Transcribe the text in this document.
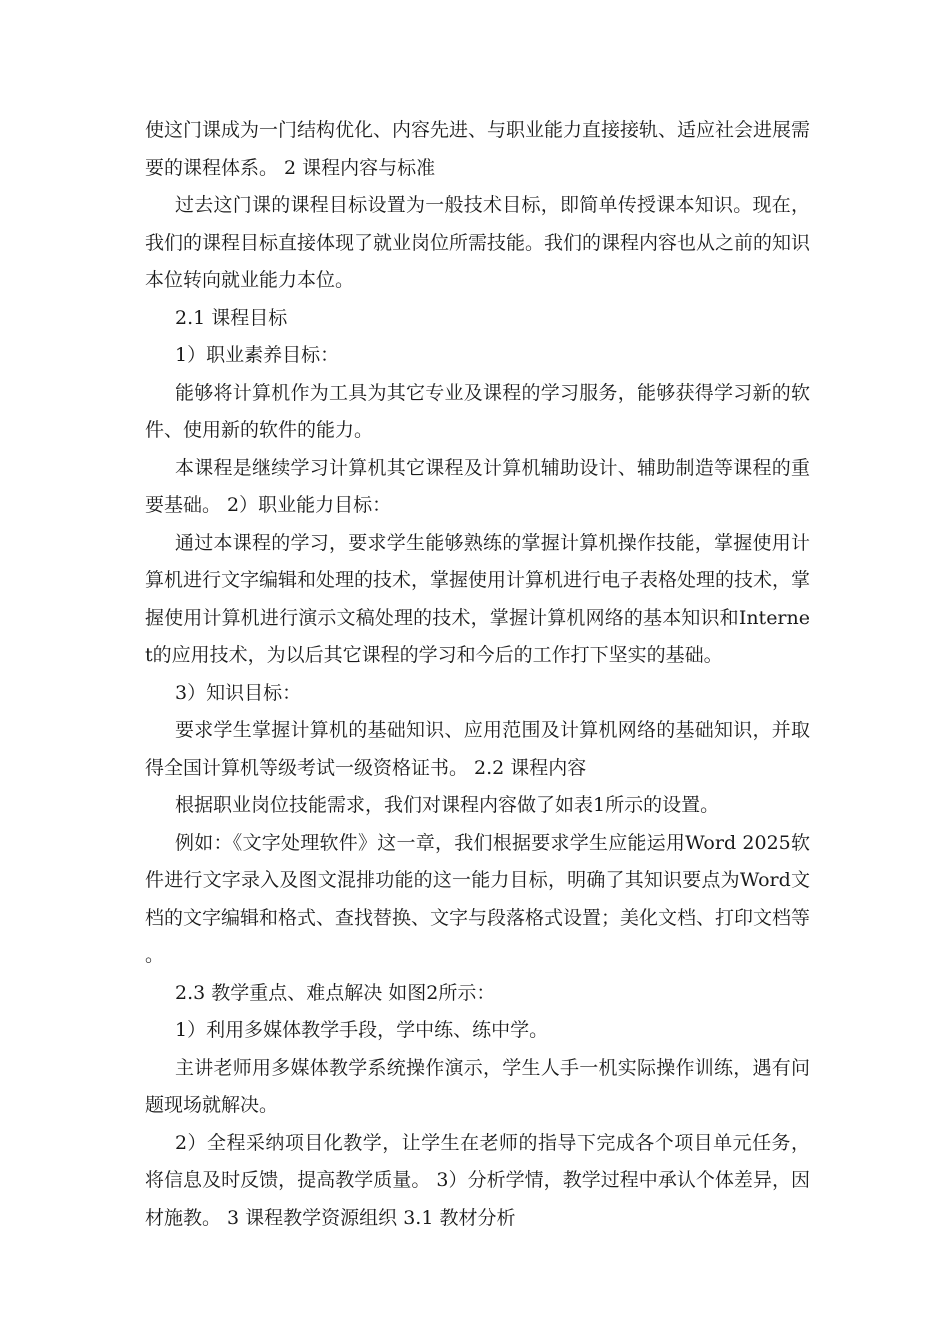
使这门课成为一门结构优化、内容先进、与职业能力直接接轨、适应社会进展需要的课程体系。 2 课程内容与标准

过去这门课的课程目标设置为一般技术目标，即简单传授课本知识。现在，我们的课程目标直接体现了就业岗位所需技能。我们的课程内容也从之前的知识本位转向就业能力本位。

2.1 课程目标

1）职业素养目标：

能够将计算机作为工具为其它专业及课程的学习服务，能够获得学习新的软件、使用新的软件的能力。

本课程是继续学习计算机其它课程及计算机辅助设计、辅助制造等课程的重要基础。 2）职业能力目标：

通过本课程的学习，要求学生能够熟练的掌握计算机操作技能，掌握使用计算机进行文字编辑和处理的技术，掌握使用计算机进行电子表格处理的技术，掌握使用计算机进行演示文稿处理的技术，掌握计算机网络的基本知识和Internet的应用技术，为以后其它课程的学习和今后的工作打下坚实的基础。

3）知识目标：

要求学生掌握计算机的基础知识、应用范围及计算机网络的基础知识，并取得全国计算机等级考试一级资格证书。 2.2 课程内容

根据职业岗位技能需求，我们对课程内容做了如表1所示的设置。

例如：《文字处理软件》这一章，我们根据要求学生应能运用Word 2025软件进行文字录入及图文混排功能的这一能力目标，明确了其知识要点为Word文档的文字编辑和格式、查找替换、文字与段落格式设置；美化文档、打印文档等。

2.3 教学重点、难点解决 如图2所示：

1）利用多媒体教学手段，学中练、练中学。

主讲老师用多媒体教学系统操作演示，学生人手一机实际操作训练，遇有问题现场就解决。

2）全程采纳项目化教学，让学生在老师的指导下完成各个项目单元任务，将信息及时反馈，提高教学质量。 3）分析学情，教学过程中承认个体差异，因材施教。 3 课程教学资源组织 3.1 教材分析
